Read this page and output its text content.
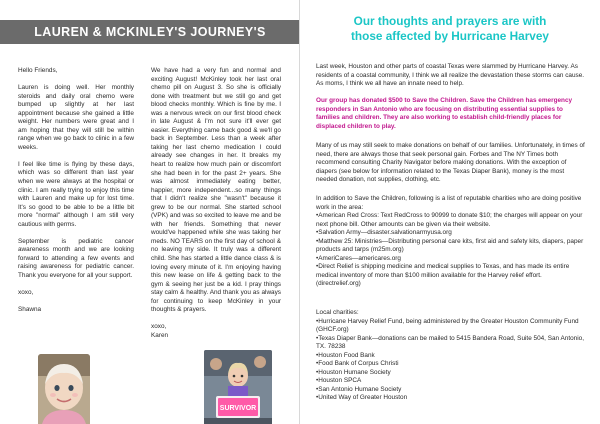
LAUREN & MCKINLEY'S JOURNEY'S

Hello Friends,

Lauren is doing well. Her monthly steroids and daily oral chemo were bumped up slightly at her last appointment because she gained a little weight. Her numbers were great and I am hoping that they will still be within range when we go back to clinic in a few weeks.

I feel like time is flying by these days, which was so different than last year when we were always at the hospital or clinic. I am really trying to enjoy this time with Lauren and make up for lost time. It's so good to be able to be a little bit more "normal" although I am still very cautious with germs.

September is pediatric cancer awareness month and we are looking forward to attending a few events and raising awareness for pediatric cancer. Thank you everyone for all your support.

xoxo,
Shawna

We have had a very fun and normal and exciting August! McKinley took her last oral chemo pill on August 3. So she is officially done with treatment but we still go and get blood checks monthly. Which is fine by me. I was a nervous wreck on our first blood check in late August & I'm not sure it'll ever get easier. Everything came back good & we'll go back in September. Less than a week after taking her last chemo medication I could already see changes in her. It breaks my heart to realize how much pain or discomfort she had been in for the past 2+ years. She was almost immediately eating better, happier, more independent...so many things that I didn't realize she "wasn't" because it grew to be our normal. She started school (VPK) and was so excited to leave me and be with her friends. Something that never would've happened while she was taking her meds. NO TEARS on the first day of school & no leaving my side. It truly was a different child. She has started a little dance class & is loving every minute of it. I'm enjoying having this new lease on life & getting back to the gym & seeing her just be a kid. I pray things stay calm & healthy. And thank you as always for continuing to keep McKinley in your thoughts & prayers.

xoxo,
Karen
SURVIVOR
Our thoughts and prayers are with
those affected by Hurricane Harvey
Last week, Houston and other parts of coastal Texas were slammed by Hurricane Harvey. As residents of a coastal community, I think we all realize the devastation these storms can cause. As moms, I think we all have an innate need to help.
Our group has donated $500 to Save the Children. Save the Children has emergency responders in San Antonio who are focusing on distributing essential supplies to families and children. They are also working to establish child-friendly places for displaced children to play.
Many of us may still seek to make donations on behalf of our families. Unfortunately, in times of need, there are always those that seek personal gain. Forbes and The NY Times both recommend consulting Charity Navigator before making donations. With the exception of diapers (see below for information related to the Texas Diaper Bank), money is the most needed donation, not supplies, clothing, etc.
In addition to Save the Children, following is a list of reputable charities who are doing positive work in the area:
•American Red Cross: Text RedCross to 90999 to donate $10; the charges will appear on your next phone bill. Other amounts can be given via their website.
•Salvation Army—disaster.salvationarmyusa.org
•Matthew 25: Ministries—Distributing personal care kits, first aid and safety kits, diapers, paper products and tarps (m25m.org)
•AmeriCares—americares.org
•Direct Relief is shipping medicine and medical supplies to Texas, and has made its entire medical inventory of more than $100 million available for the Harvey relief effort. (directrelief.org)
Local charities:
•Hurricane Harvey Relief Fund, being administered by the Greater Houston Community Fund (GHCF.org)
•Texas Diaper Bank—donations can be mailed to 5415 Bandera Road, Suite 504, San Antonio, TX. 78238
•Houston Food Bank
•Food Bank of Corpus Christi
•Houston Humane Society
•Houston SPCA
•San Antonio Humane Society
•United Way of Greater Houston
